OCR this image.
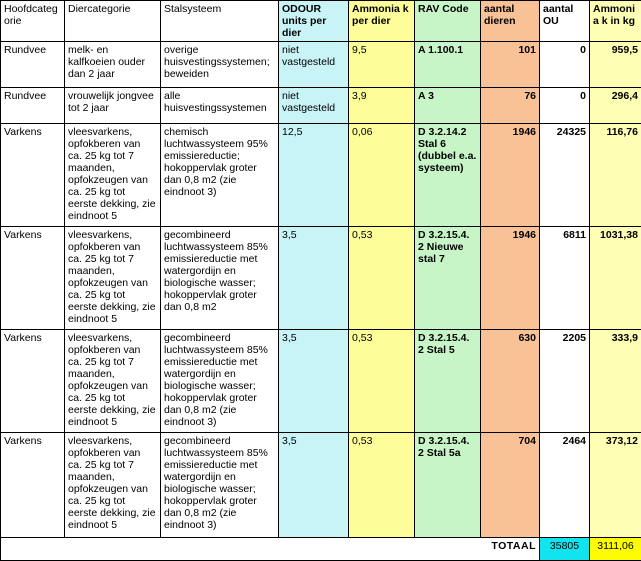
Hoofdcateg orie	Diercategorie	Stalsysteem	ODOUR units per dier	Ammonia k per dier	RAV Code	aantal dieren	aantal OU	Ammonia k in kg
Rundvee	melk- en kalfkoeien ouder dan 2 jaar	overige huisvestingssystemen; beweiden	niet vastgesteld	9,5	A 1.100.1	101	0	959,5
Rundvee	vrouwelijk jongvee tot 2 jaar	alle huisvestingssystemen	niet vastgesteld	3,9	A 3	76	0	296,4
Varkens	vleesvarkens, opfokberen van ca. 25 kg tot 7 maanden, opfokzeugen van ca. 25 kg tot eerste dekking, zie eindnoot 5	chemisch luchtwassysteem 95% emissiereductie; hokoppervlak groter dan 0,8 m2 (zie eindnoot 3)	12,5	0,06	D 3.2.14.2 Stal 6 (dubbel e.a. systeem)	1946	24325	116,76
Varkens	vleesvarkens, opfokberen van ca. 25 kg tot 7 maanden, opfokzeugen van ca. 25 kg tot eerste dekking, zie eindnoot 5	gecombineerd luchtwassysteem 85% emissiereductie met watergordijn en biologische wasser; hokoppervlak groter dan 0,8 m2	3,5	0,53	D 3.2.15.4. 2 Nieuwe stal 7	1946	6811	1031,38
Varkens	vleesvarkens, opfokberen van ca. 25 kg tot 7 maanden, opfokzeugen van ca. 25 kg tot eerste dekking, zie eindnoot 5	gecombineerd luchtwassysteem 85% emissiereductie met watergordijn en biologische wasser; hokoppervlak groter dan 0,8 m2 (zie eindnoot 3)	3,5	0,53	D 3.2.15.4. 2 Stal 5	630	2205	333,9
Varkens	vleesvarkens, opfokberen van ca. 25 kg tot 7 maanden, opfokzeugen van ca. 25 kg tot eerste dekking, zie eindnoot 5	gecombineerd luchtwassysteem 85% emissiereductie met watergordijn en biologische wasser; hokoppervlak groter dan 0,8 m2 (zie eindnoot 3)	3,5	0,53	D 3.2.15.4. 2 Stal 5a	704	2464	373,12
TOTAAL							35805	3111,06
